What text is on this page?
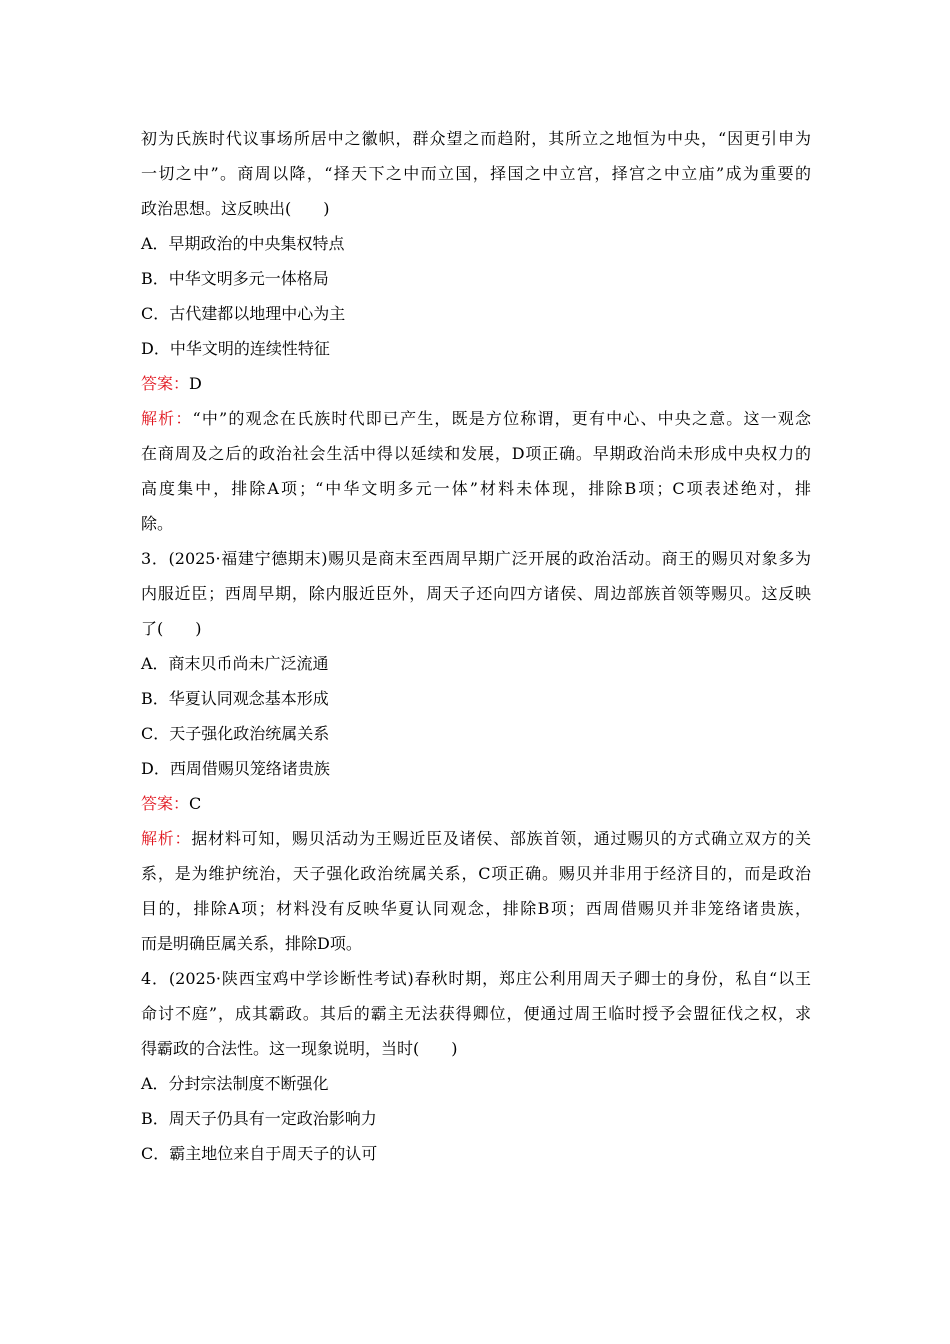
初为氏族时代议事场所居中之徽帜，群众望之而趋附，其所立之地恒为中央，“因更引申为
一切之中”。商周以降，“择天下之中而立国，择国之中立宫，择宫之中立庙”成为重要的
政治思想。这反映出(　　)
A．早期政治的中央集权特点
B．中华文明多元一体格局
C．古代建都以地理中心为主
D．中华文明的连续性特征
答案：D
解析：“中”的观念在氏族时代即已产生，既是方位称谓，更有中心、中央之意。这一观念
在商周及之后的政治社会生活中得以延续和发展，D项正确。早期政治尚未形成中央权力的
高度集中，排除A项；“中华文明多元一体”材料未体现，排除B项；C项表述绝对，排
除。
3．(2025·福建宁德期末)赐贝是商末至西周早期广泛开展的政治活动。商王的赐贝对象多为
内服近臣；西周早期，除内服近臣外，周天子还向四方诸侯、周边部族首领等赐贝。这反映
了(　　)
A．商末贝币尚未广泛流通
B．华夏认同观念基本形成
C．天子强化政治统属关系
D．西周借赐贝笼络诸贵族
答案：C
解析：据材料可知，赐贝活动为王赐近臣及诸侯、部族首领，通过赐贝的方式确立双方的关
系，是为维护统治，天子强化政治统属关系，C项正确。赐贝并非用于经济目的，而是政治
目的，排除A项；材料没有反映华夏认同观念，排除B项；西周借赐贝并非笼络诸贵族，
而是明确臣属关系，排除D项。
4．(2025·陕西宝鸡中学诊断性考试)春秋时期，郑庄公利用周天子卿士的身份，私自“以王
命讨不庭”，成其霸政。其后的霸主无法获得卿位，便通过周王临时授予会盟征伐之权，求
得霸政的合法性。这一现象说明，当时(　　)
A．分封宗法制度不断强化
B．周天子仍具有一定政治影响力
C．霸主地位来自于周天子的认可
